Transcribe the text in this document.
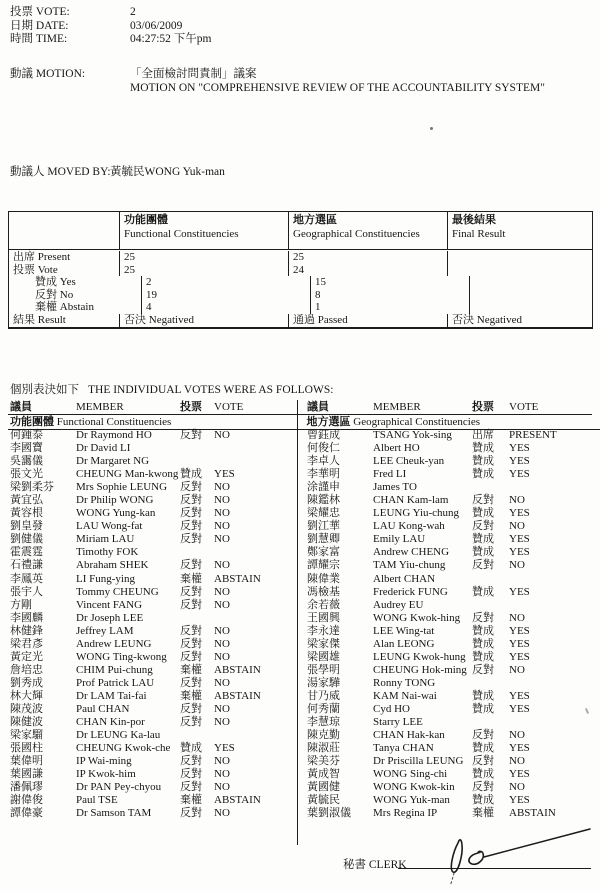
投票 VOTE:	2
日期 DATE:	03/06/2009
時間 TIME:	04:27:52 下午pm
動議 MOTION:	「全面檢討問責制」議案
MOTION ON "COMPREHENSIVE REVIEW OF THE ACCOUNTABILITY SYSTEM"
動議人 MOVED BY:黃毓民WONG Yuk-man
功能團體
Functional Constituencies
地方選區
Geographical Constituencies
最後結果
Final Result
出席 Present	25	25
投票 Vote	25	24
贊成 Yes	2	15
反對 No	19	8
棄權 Abstain	4	1
結果 Result	否決 Negatived	通過 Passed	否決 Negatived
個別表決如下 THE INDIVIDUAL VOTES WERE AS FOLLOWS:
議員	MEMBER	投票	VOTE	議員	MEMBER	投票	VOTE
功能團體 Functional Constituencies	地方選區 Geographical Constituencies
何鍾泰	Dr Raymond HO	反對	NO
李國寶	Dr David LI
吳靄儀	Dr Margaret NG
張文光	CHEUNG Man-kwong 贊成	YES
梁劉柔芬	Mrs Sophie LEUNG	反對	NO
黃宜弘	Dr Philip WONG	反對	NO
黃容根	WONG Yung-kan	反對	NO
劉皇發	LAU Wong-fat	反對	NO
劉健儀	Miriam LAU	反對	NO
霍震霆	Timothy FOK
石禮謙	Abraham SHEK	反對	NO
李鳳英	LI Fung-ying	棄權	ABSTAIN
張宇人	Tommy CHEUNG	反對	NO
方剛	Vincent FANG	反對	NO
李國麟	Dr Joseph LEE
林健鋒	Jeffrey LAM	反對	NO
梁君彥	Andrew LEUNG	反對	NO
黃定光	WONG Ting-kwong	反對	NO
詹培忠	CHIM Pui-chung	棄權	ABSTAIN
劉秀成	Prof Patrick LAU	反對	NO
林大輝	Dr LAM Tai-fai	棄權	ABSTAIN
陳茂波	Paul CHAN	反對	NO
陳健波	CHAN Kin-por	反對	NO
梁家騮	Dr LEUNG Ka-lau
張國柱	CHEUNG Kwok-che 贊成	YES
葉偉明	IP Wai-ming	反對	NO
葉國謙	IP Kwok-him	反對	NO
潘佩璆	Dr PAN Pey-chyou	反對	NO
謝偉俊	Paul TSE	棄權	ABSTAIN
譚偉豪	Dr Samson TAM	反對	NO
曾鈺成	TSANG Yok-sing	出席	PRESENT
何俊仁	Albert HO	贊成	YES
李卓人	LEE Cheuk-yan	贊成	YES
李華明	Fred LI	贊成	YES
涂謹申	James TO
陳鑑林	CHAN Kam-lam	反對	NO
梁耀忠	LEUNG Yiu-chung	贊成	YES
劉江華	LAU Kong-wah	反對	NO
劉慧卿	Emily LAU	贊成	YES
鄭家富	Andrew CHENG	贊成	YES
譚耀宗	TAM Yiu-chung	反對	NO
陳偉業	Albert CHAN
馮檢基	Frederick FUNG	贊成	YES
余若薇	Audrey EU
王國興	WONG Kwok-hing	反對	NO
李永達	LEE Wing-tat	贊成	YES
梁家傑	Alan LEONG	贊成	YES
梁國雄	LEUNG Kwok-hung 贊成	YES
張學明	CHEUNG Hok-ming 反對	NO
湯家驊	Ronny TONG
甘乃威	KAM Nai-wai	贊成	YES
何秀蘭	Cyd HO	贊成	YES
李慧琼	Starry LEE
陳克勤	CHAN Hak-kan	反對	NO
陳淑莊	Tanya CHAN	贊成	YES
梁美芬	Dr Priscilla LEUNG 反對	NO
黃成智	WONG Sing-chi	贊成	YES
黃國健	WONG Kwok-kin	反對	NO
黃毓民	WONG Yuk-man	贊成	YES
葉劉淑儀	Mrs Regina IP	棄權	ABSTAIN
秘書 CLERK
